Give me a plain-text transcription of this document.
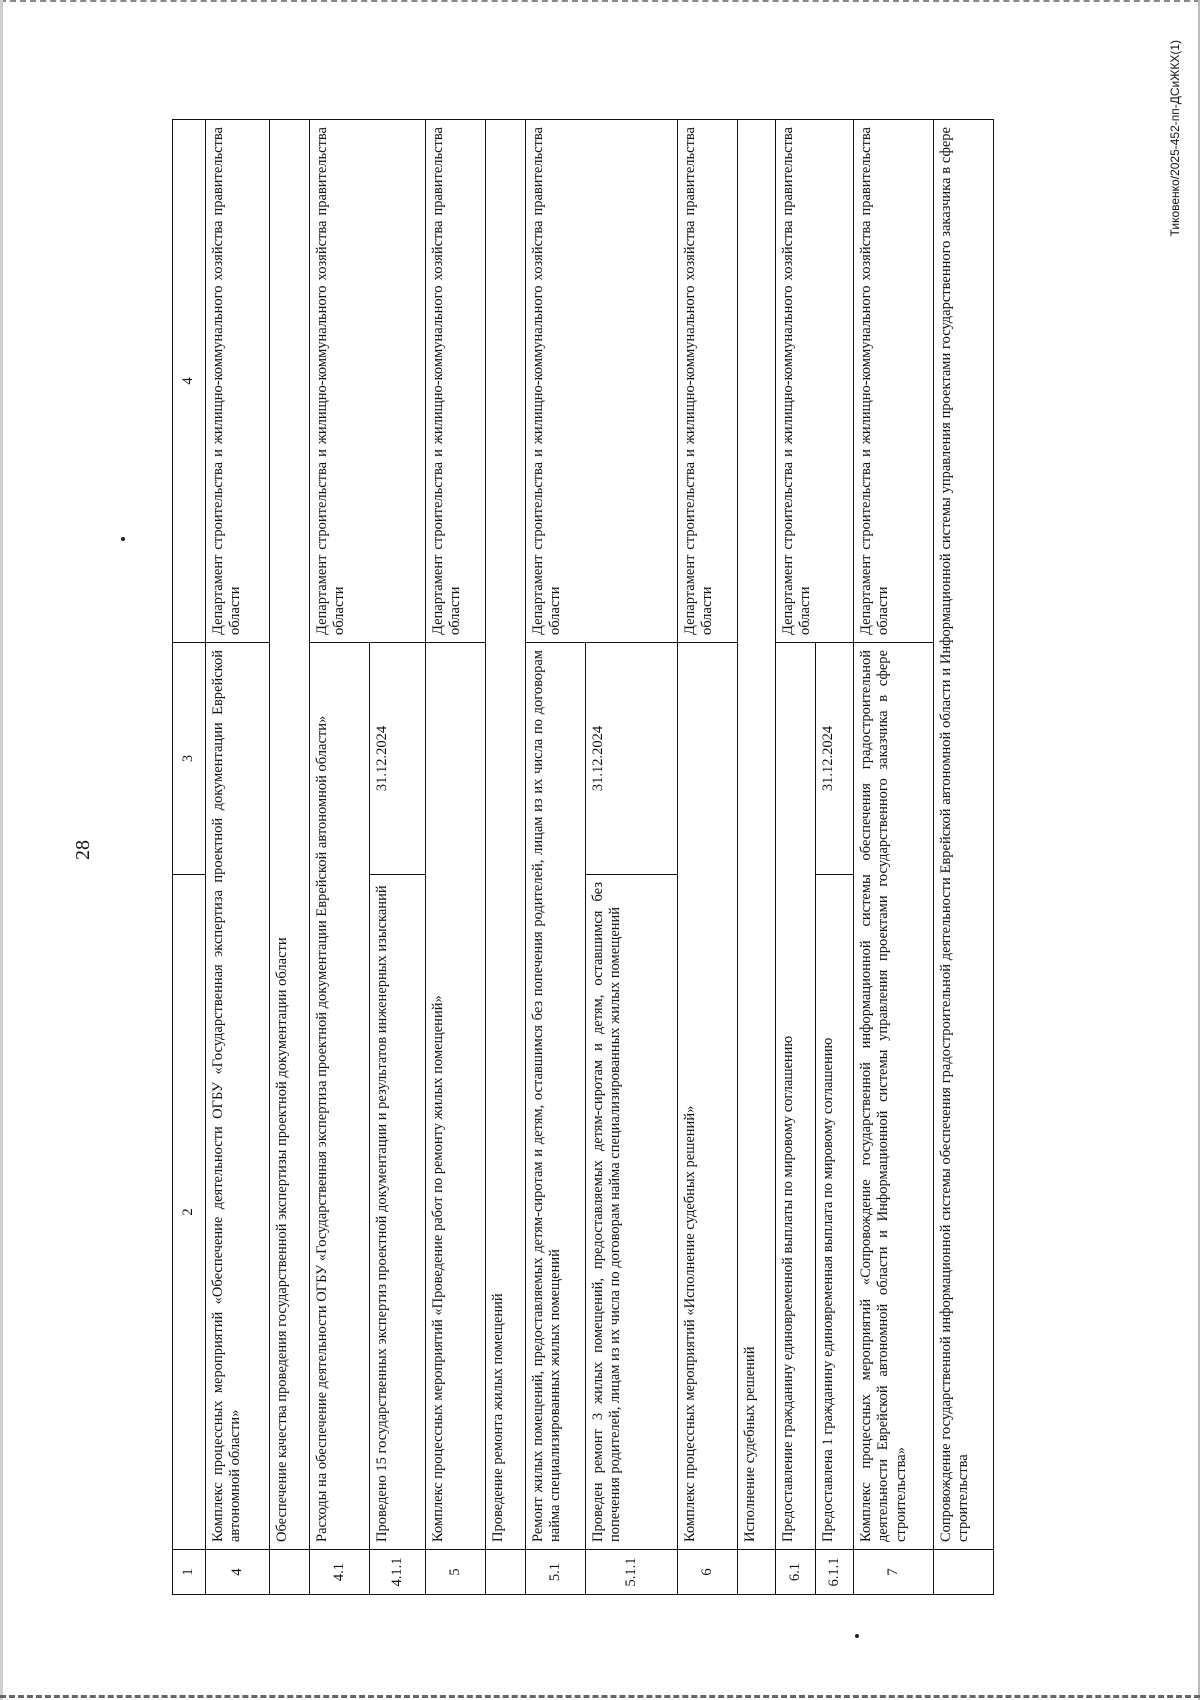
28
1	2	3	4
4	Комплекс процессных мероприятий «Обеспечение деятельности ОГБУ «Государственная экспертиза проектной документации Еврейской автономной области»		Департамент строительства и жилищно-коммунального хозяйства правительства области
	Обеспечение качества проведения государственной экспертизы проектной документации области		
4.1	Расходы на обеспечение деятельности ОГБУ «Государственная экспертиза проектной документации Еврейской автономной области»		Департамент строительства и жилищно-коммунального хозяйства правительства области
4.1.1	Проведено 15 государственных экспертиз проектной документации и результатов инженерных изысканий	31.12.2024	
5	Комплекс процессных мероприятий «Проведение работ по ремонту жилых помещений»		Департамент строительства и жилищно-коммунального хозяйства правительства области
	Проведение ремонта жилых помещений		
5.1	Ремонт жилых помещений, предоставляемых детям-сиротам и детям, оставшимся без попечения родителей, лицам из их числа по договорам найма специализированных жилых помещений		Департамент строительства и жилищно-коммунального хозяйства правительства области
5.1.1	Проведен ремонт 3 жилых помещений, предоставляемых детям-сиротам и детям, оставшимся без попечения родителей, лицам из их числа по договорам найма специализированных жилых помещений	31.12.2024	
6	Комплекс процессных мероприятий «Исполнение судебных решений»		Департамент строительства и жилищно-коммунального хозяйства правительства области
	Исполнение судебных решений		
6.1	Предоставление гражданину единовременной выплаты по мировому соглашению		Департамент строительства и жилищно-коммунального хозяйства правительства области
6.1.1	Предоставлена 1 гражданину единовременная выплата по мировому соглашению	31.12.2024	
7	Комплекс процессных мероприятий «Сопровождение государственной информационной системы обеспечения градостроительной деятельности Еврейской автономной области и Информационной системы управления проектами государственного заказчика в сфере строительства»		Департамент строительства и жилищно-коммунального хозяйства правительства области
	Сопровождение государственной информационной системы обеспечения градостроительной деятельности Еврейской автономной области и Информационной системы управления проектами государственного заказчика в сфере строительства		
Тиковенко/2025-452-пп-ДСиЖКХ(1)
